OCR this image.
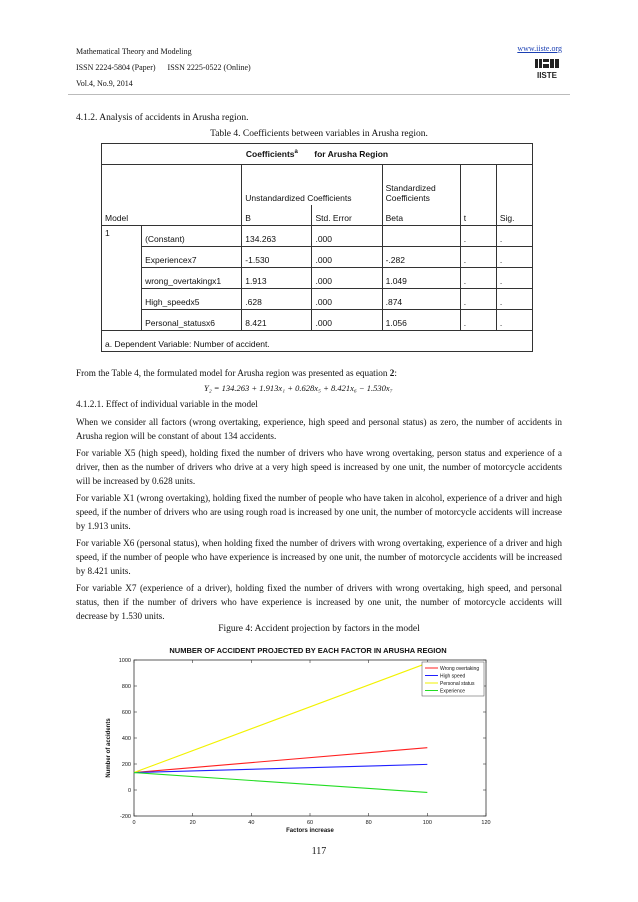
Mathematical Theory and Modeling
ISSN 2224-5804 (Paper)      ISSN 2225-0522 (Online)
Vol.4, No.9, 2014
www.iiste.org
IISTE
4.1.2. Analysis of accidents in Arusha region.
Table 4. Coefficients between variables in Arusha region.
Coefficients$^a$ for Arusha Region						
Model		Unstandardized Coefficients		Standardized Coefficients	t	Sig.
		B	Std. Error	Beta		
1	(Constant)	134.263	.000		.	.
	Experiencex7	-1.530	.000	-.282	.	.
	wrong_overtakingx1	1.913	.000	1.049	.	.
	High_speedx5	.628	.000	.874	.	.
	Personal_statusx6	8.421	.000	1.056	.	.
a. Dependent Variable: Number of accident.						
From the Table 4, the formulated model for Arusha region was presented as equation 2:
Y₂ = 134.263 + 1.913x₁ + 0.628x₅ + 8.421x₆ − 1.530x₇
4.1.2.1. Effect of individual variable in the model
When we consider all factors (wrong overtaking, experience, high speed and personal status) as zero, the number of accidents in Arusha region will be constant of about 134 accidents.
For variable X5 (high speed), holding fixed the number of drivers who have wrong overtaking, person status and experience of a driver, then as the number of drivers who drive at a very high speed is increased by one unit, the number of motorcycle accidents will be increased by 0.628 units.
For variable X1 (wrong overtaking), holding fixed the number of people who have taken in alcohol, experience of a driver and high speed, if the number of drivers who are using rough road is increased by one unit, the number of motorcycle accidents will increase by 1.913 units.
For variable X6 (personal status), when holding fixed the number of drivers with wrong overtaking, experience of a driver and high speed, if the number of people who have experience is increased by one unit, the number of motorcycle accidents will be increased by 8.421 units.
For variable X7 (experience of a driver), holding fixed the number of drivers with wrong overtaking, high speed, and personal status, then if the number of drivers who have experience is increased by one unit, the number of motorcycle accidents will decrease by 1.530 units.
Figure 4: Accident projection by factors in the model
NUMBER OF ACCIDENT PROJECTED BY EACH FACTOR IN ARUSHA REGION
Number of accidents
Factors increase
0	20	40	60	80	100	120
-200
0
200
400
600
800
1000
Wrong overtaking
High speed
Personal status
Experience
117
